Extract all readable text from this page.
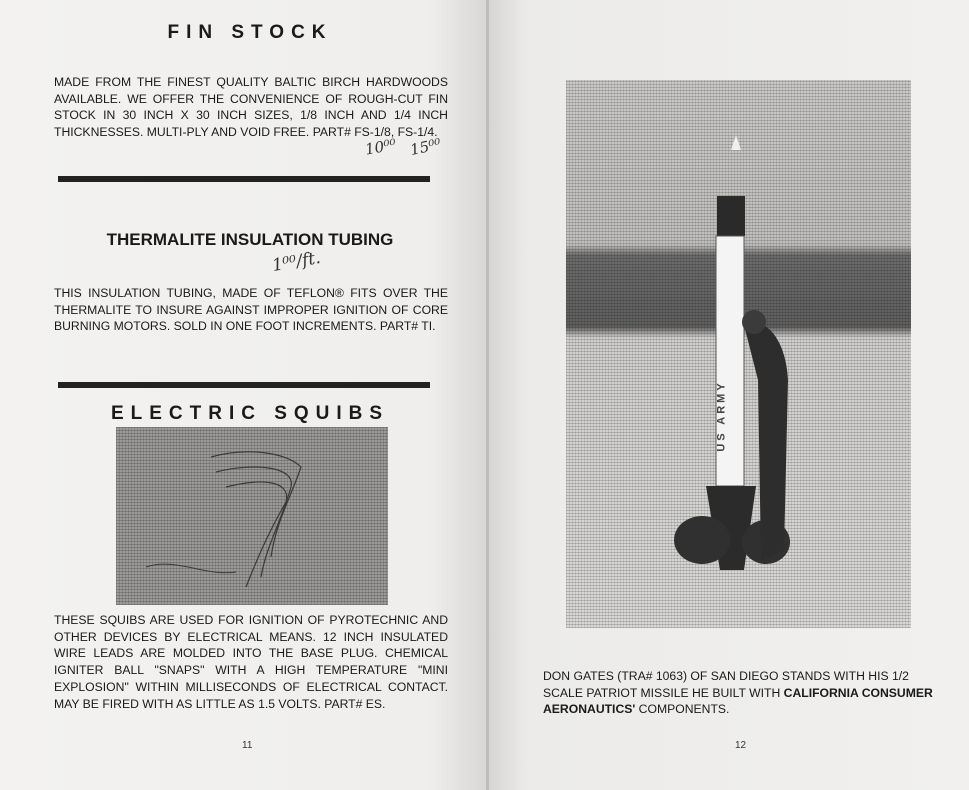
FIN STOCK
MADE FROM THE FINEST QUALITY BALTIC BIRCH HARDWOODS AVAILABLE. WE OFFER THE CONVENIENCE OF ROUGH-CUT FIN STOCK IN 30 INCH X 30 INCH SIZES, 1/8 INCH AND 1/4 INCH THICKNESSES. MULTI-PLY AND VOID FREE. PART# FS-1/8, FS-1/4.
10⁰⁰ 15⁰⁰
THERMALITE INSULATION TUBING
1⁰⁰/ft.
THIS INSULATION TUBING, MADE OF TEFLON® FITS OVER THE THERMALITE TO INSURE AGAINST IMPROPER IGNITION OF CORE BURNING MOTORS. SOLD IN ONE FOOT INCREMENTS. PART# TI.
ELECTRIC SQUIBS
THESE SQUIBS ARE USED FOR IGNITION OF PYROTECHNIC AND OTHER DEVICES BY ELECTRICAL MEANS. 12 INCH INSULATED WIRE LEADS ARE MOLDED INTO THE BASE PLUG. CHEMICAL IGNITER BALL "SNAPS" WITH A HIGH TEMPERATURE "MINI EXPLOSION" WITHIN MILLISECONDS OF ELECTRICAL CONTACT. MAY BE FIRED WITH AS LITTLE AS 1.5 VOLTS. PART# ES.
11
US ARMY
DON GATES (TRA# 1063) OF SAN DIEGO STANDS WITH HIS 1/2 SCALE PATRIOT MISSILE HE BUILT WITH CALIFORNIA CONSUMER AERONAUTICS' COMPONENTS.
12
